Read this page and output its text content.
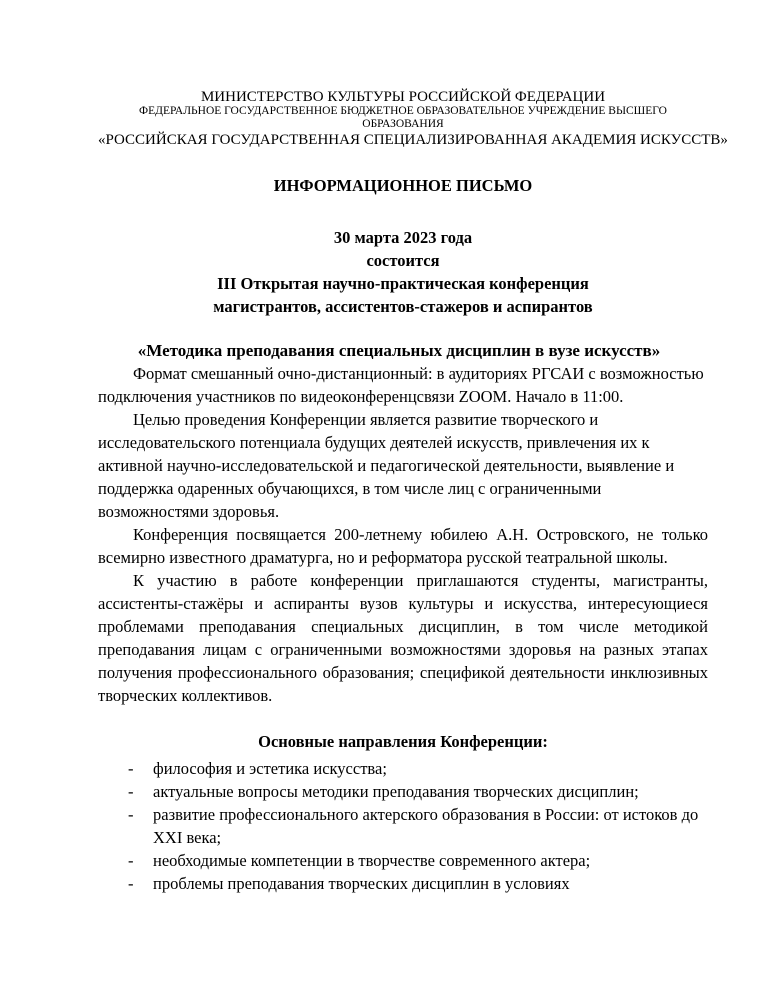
МИНИСТЕРСТВО КУЛЬТУРЫ РОССИЙСКОЙ ФЕДЕРАЦИИ
ФЕДЕРАЛЬНОЕ ГОСУДАРСТВЕННОЕ БЮДЖЕТНОЕ ОБРАЗОВАТЕЛЬНОЕ УЧРЕЖДЕНИЕ ВЫСШЕГО ОБРАЗОВАНИЯ
«РОССИЙСКАЯ ГОСУДАРСТВЕННАЯ СПЕЦИАЛИЗИРОВАННАЯ АКАДЕМИЯ ИСКУССТВ»
ИНФОРМАЦИОННОЕ ПИСЬМО
30 марта 2023 года
состоится
III Открытая научно-практическая конференция
магистрантов, ассистентов-стажеров и аспирантов
«Методика преподавания специальных дисциплин в вузе искусств»

Формат смешанный очно-дистанционный: в аудиториях РГСАИ с возможностью подключения участников по видеоконференцсвязи ZOOM. Начало в 11:00.

Целью проведения Конференции является развитие творческого и исследовательского потенциала будущих деятелей искусств, привлечения их к активной научно-исследовательской и педагогической деятельности, выявление и поддержка одаренных обучающихся, в том числе лиц с ограниченными возможностями здоровья.

Конференция посвящается 200-летнему юбилею А.Н. Островского, не только всемирно известного драматурга, но и реформатора русской театральной школы.

К участию в работе конференции приглашаются студенты, магистранты, ассистенты-стажёры и аспиранты вузов культуры и искусства, интересующиеся проблемами преподавания специальных дисциплин, в том числе методикой преподавания лицам с ограниченными возможностями здоровья на разных этапах получения профессионального образования; спецификой деятельности инклюзивных творческих коллективов.

Основные направления Конференции:
- философия и эстетика искусства;
- актуальные вопросы методики преподавания творческих дисциплин;
- развитие профессионального актерского образования в России: от истоков до XXI века;
- необходимые компетенции в творчестве современного актера;
- проблемы преподавания творческих дисциплин в условиях
